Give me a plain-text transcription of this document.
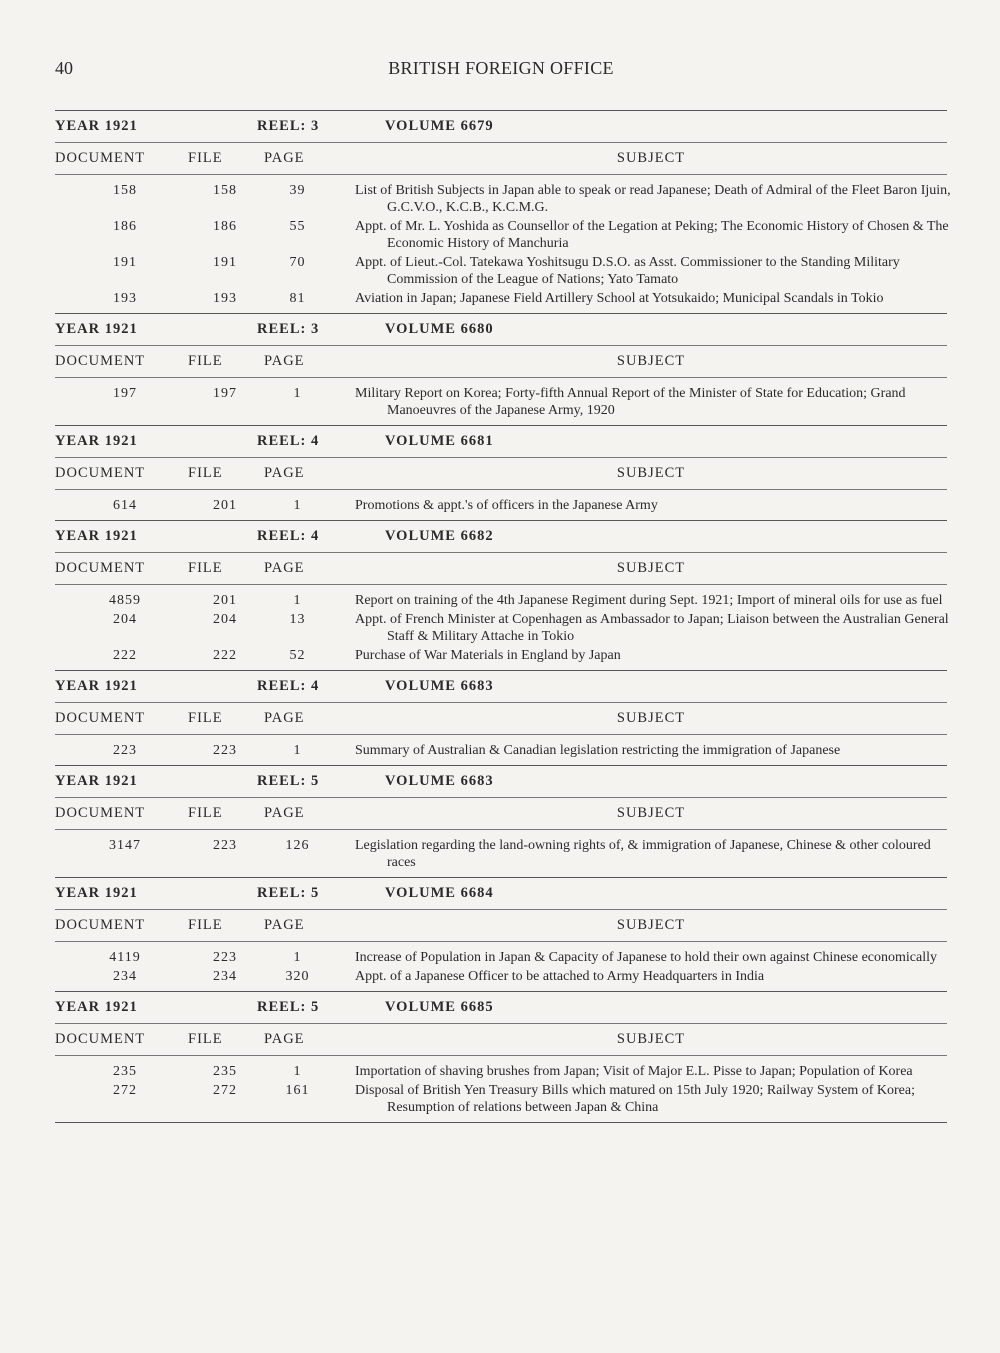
40	BRITISH FOREIGN OFFICE
YEAR 1921	REEL: 3	VOLUME 6679
DOCUMENT	FILE	PAGE	SUBJECT
158	158	39	List of British Subjects in Japan able to speak or read Japanese; Death of Admiral of the Fleet Baron Ijuin, G.C.V.O., K.C.B., K.C.M.G.
186	186	55	Appt. of Mr. L. Yoshida as Counsellor of the Legation at Peking; The Economic History of Chosen & The Economic History of Manchuria
191	191	70	Appt. of Lieut.-Col. Tatekawa Yoshitsugu D.S.O. as Asst. Commissioner to the Standing Military Commission of the League of Nations; Yato Tamato
193	193	81	Aviation in Japan; Japanese Field Artillery School at Yotsukaido; Municipal Scandals in Tokio
YEAR 1921	REEL: 3	VOLUME 6680
DOCUMENT	FILE	PAGE	SUBJECT
197	197	1	Military Report on Korea; Forty-fifth Annual Report of the Minister of State for Education; Grand Manoeuvres of the Japanese Army, 1920
YEAR 1921	REEL: 4	VOLUME 6681
DOCUMENT	FILE	PAGE	SUBJECT
614	201	1	Promotions & appt.'s of officers in the Japanese Army
YEAR 1921	REEL: 4	VOLUME 6682
DOCUMENT	FILE	PAGE	SUBJECT
4859	201	1	Report on training of the 4th Japanese Regiment during Sept. 1921; Import of mineral oils for use as fuel
204	204	13	Appt. of French Minister at Copenhagen as Ambassador to Japan; Liaison between the Australian General Staff & Military Attache in Tokio
222	222	52	Purchase of War Materials in England by Japan
YEAR 1921	REEL: 4	VOLUME 6683
DOCUMENT	FILE	PAGE	SUBJECT
223	223	1	Summary of Australian & Canadian legislation restricting the immigration of Japanese
YEAR 1921	REEL: 5	VOLUME 6683
DOCUMENT	FILE	PAGE	SUBJECT
3147	223	126	Legislation regarding the land-owning rights of, & immigration of Japanese, Chinese & other coloured races
YEAR 1921	REEL: 5	VOLUME 6684
DOCUMENT	FILE	PAGE	SUBJECT
4119	223	1	Increase of Population in Japan & Capacity of Japanese to hold their own against Chinese economically
234	234	320	Appt. of a Japanese Officer to be attached to Army Headquarters in India
YEAR 1921	REEL: 5	VOLUME 6685
DOCUMENT	FILE	PAGE	SUBJECT
235	235	1	Importation of shaving brushes from Japan; Visit of Major E.L. Pisse to Japan; Population of Korea
272	272	161	Disposal of British Yen Treasury Bills which matured on 15th July 1920; Railway System of Korea; Resumption of relations between Japan & China
